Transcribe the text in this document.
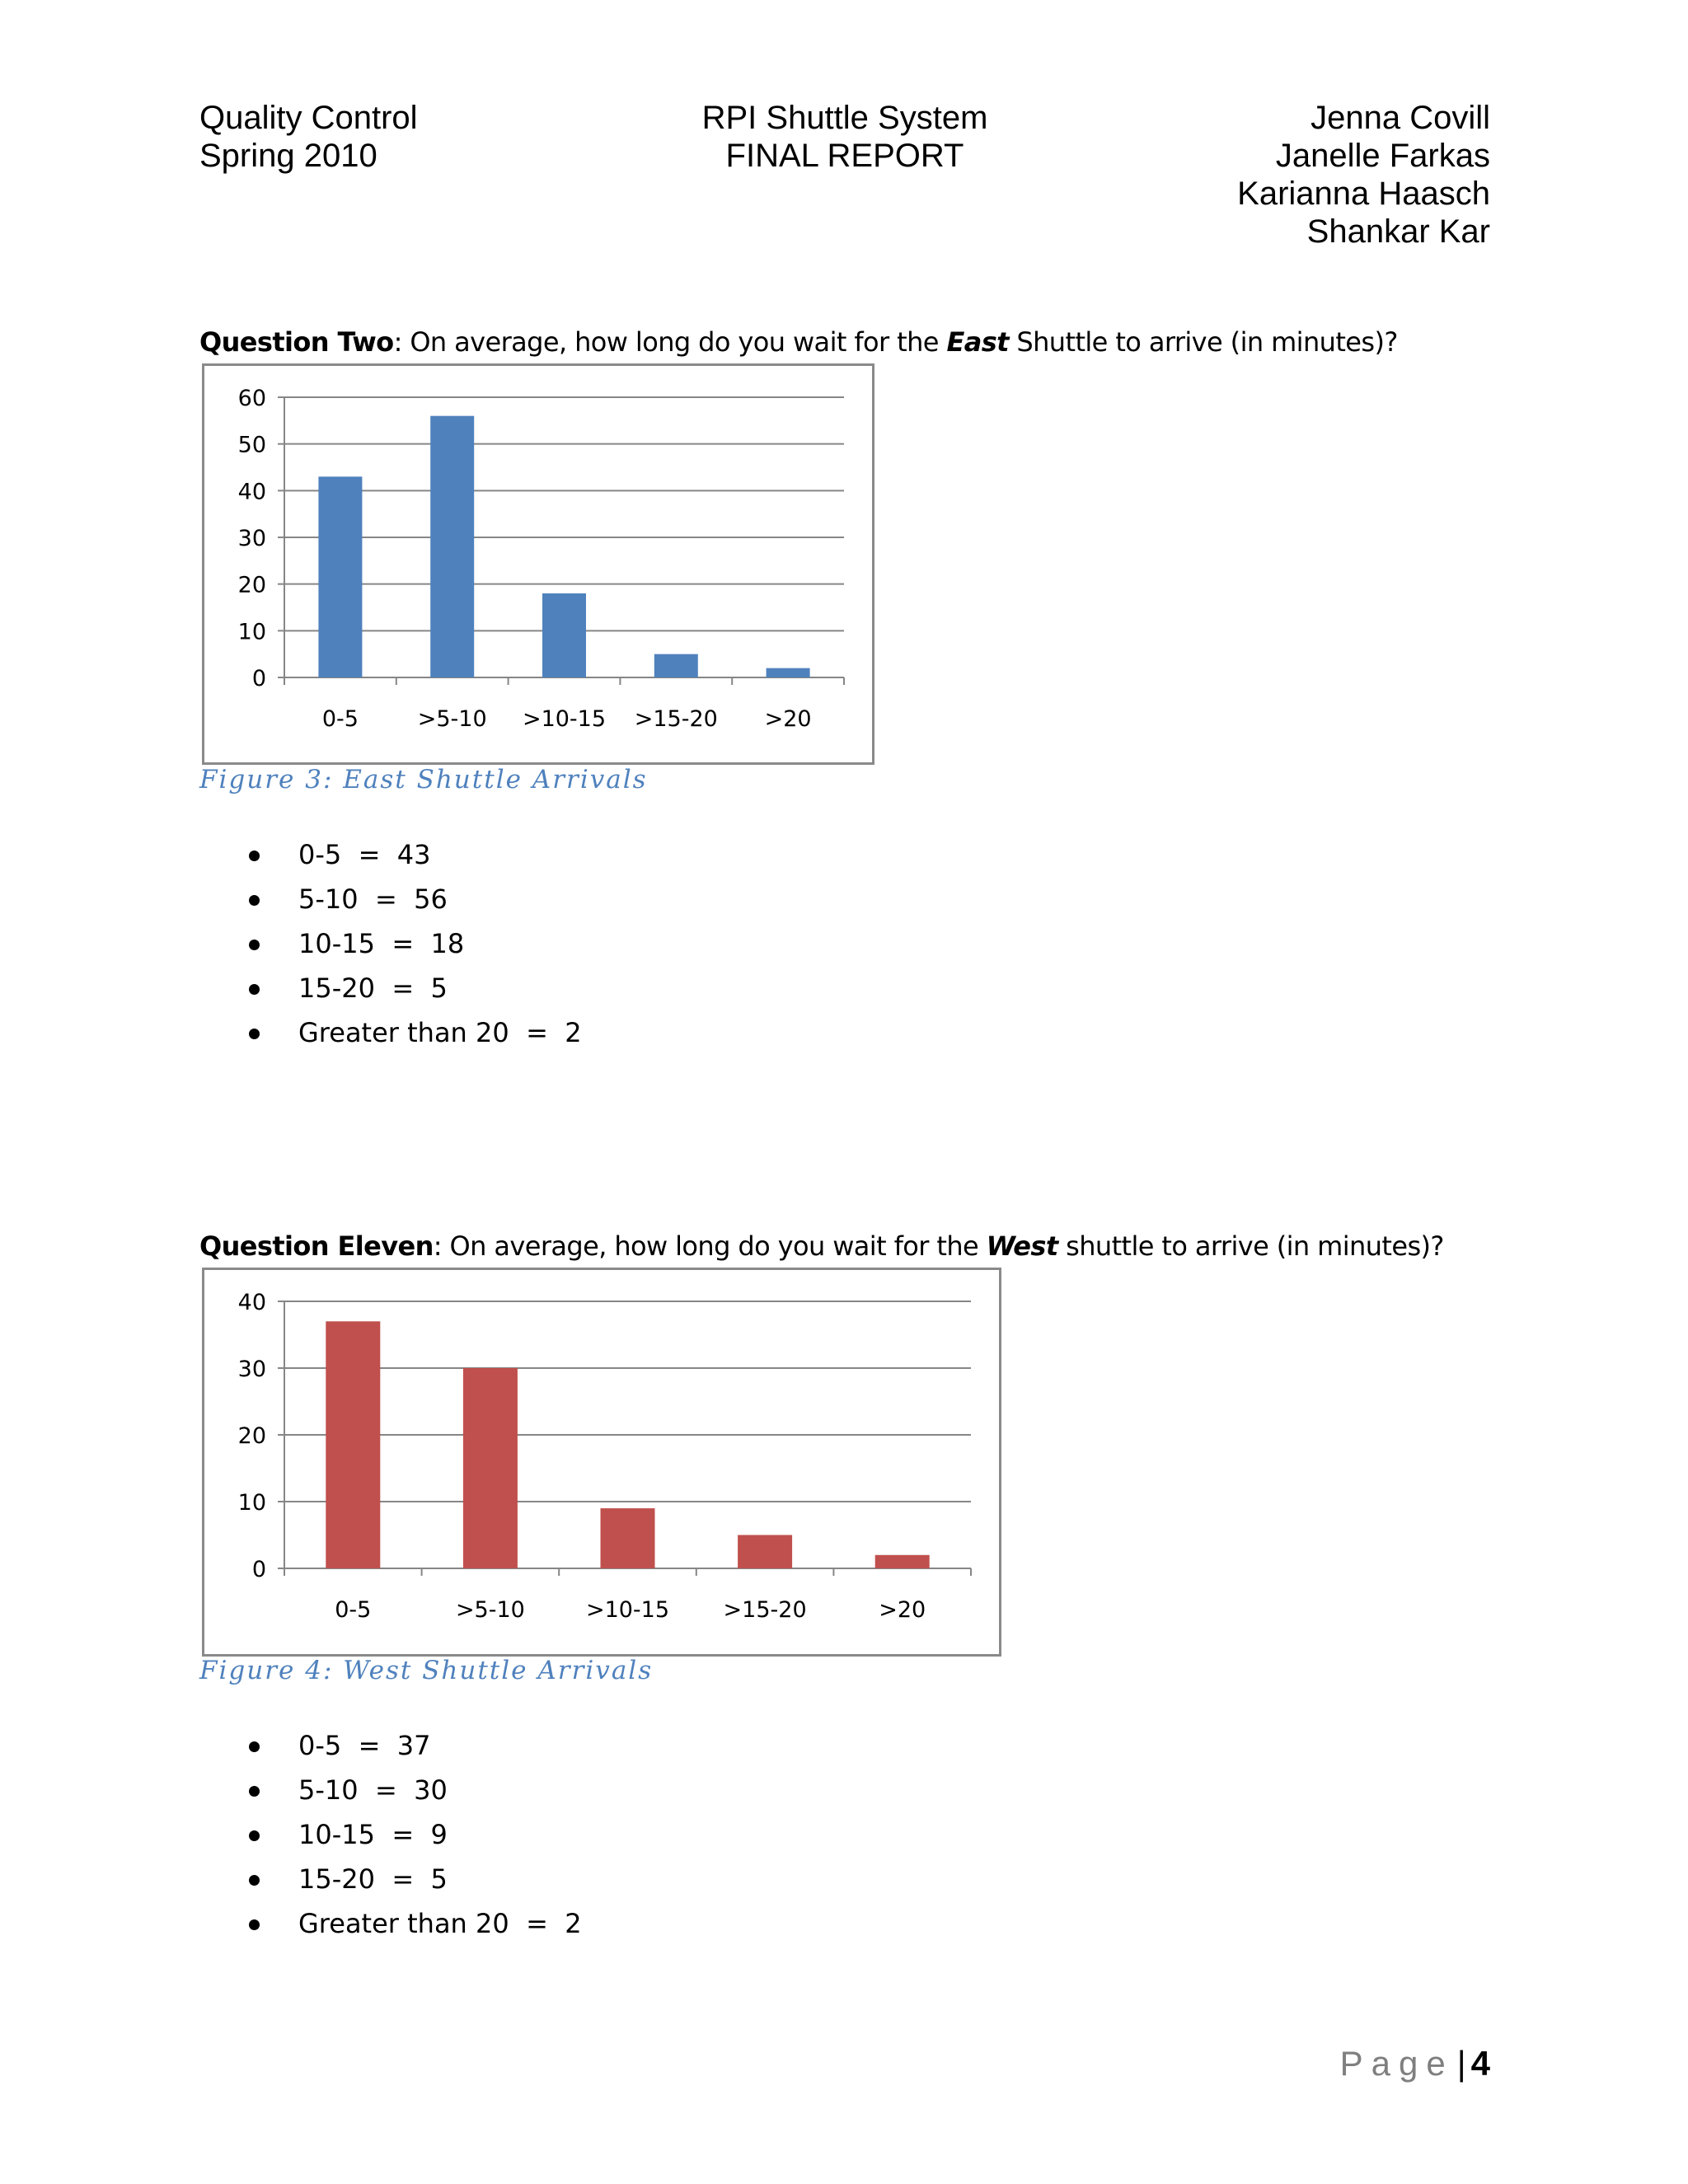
Quality Control
Spring 2010
RPI Shuttle System
FINAL REPORT
Jenna Covill
Janelle Farkas
Karianna Haasch
Shankar Kar
Question Two: On average, how long do you wait for the East Shuttle to arrive (in minutes)?
0
10
20
30
40
50
60
0-5	>5-10 >10-15 >15-20 >20
Figure 3: East Shuttle Arrivals
0-5  =  43
5-10  =  56
10-15  =  18
15-20  =  5
Greater than 20  =  2
Question Eleven: On average, how long do you wait for the West shuttle to arrive (in minutes)?
0
10
20
30
40
0-5	>5-10	>10-15 >15-20	>20
Figure 4: West Shuttle Arrivals
0-5  =  37
5-10  =  30
10-15  =  9
15-20  =  5
Greater than 20  =  2
Page| 4
